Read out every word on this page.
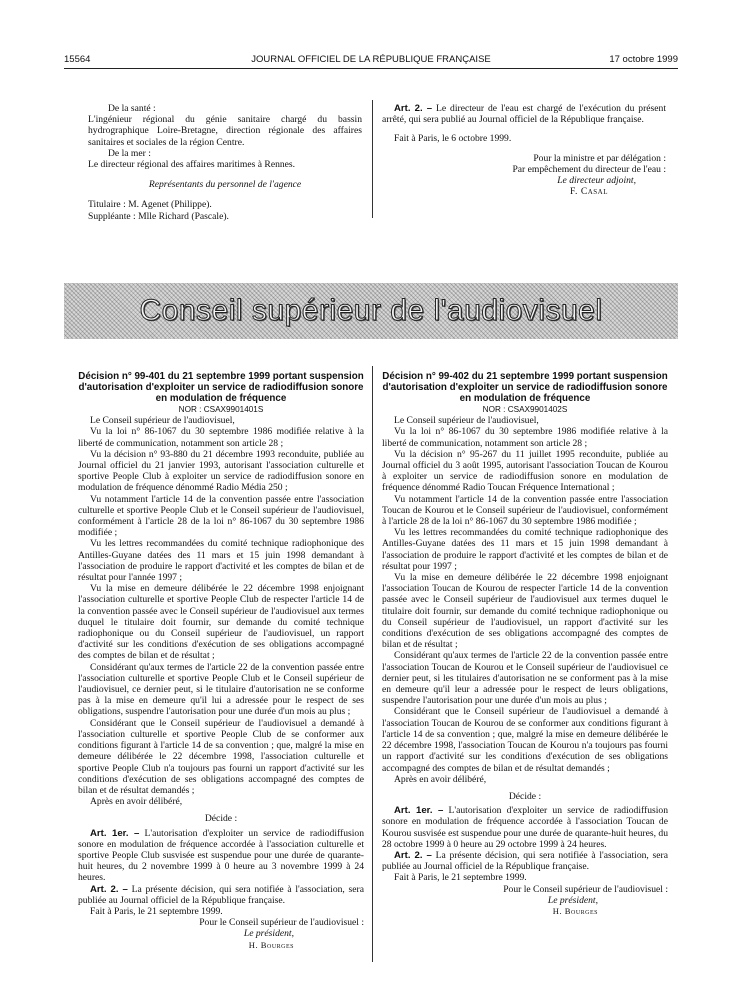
15564	JOURNAL OFFICIEL DE LA RÉPUBLIQUE FRANÇAISE	17 octobre 1999

De la santé :

L'ingénieur régional du génie sanitaire chargé du bassin hydrographique Loire-Bretagne, direction régionale des affaires sanitaires et sociales de la région Centre.

De la mer :

Le directeur régional des affaires maritimes à Rennes.

Représentants du personnel de l'agence

Titulaire : M. Agenet (Philippe).

Suppléante : Mlle Richard (Pascale).

Art. 2. – Le directeur de l'eau est chargé de l'exécution du présent arrêté, qui sera publié au Journal officiel de la République française.

Fait à Paris, le 6 octobre 1999.

Pour la ministre et par délégation :

Par empêchement du directeur de l'eau :

Le directeur adjoint,

F. Casal

Conseil supérieur de l'audiovisuel

Décision n° 99-401 du 21 septembre 1999 portant suspension d'autorisation d'exploiter un service de radiodiffusion sonore en modulation de fréquence

NOR : CSAX9901401S

Le Conseil supérieur de l'audiovisuel,

Vu la loi n° 86-1067 du 30 septembre 1986 modifiée relative à la liberté de communication, notamment son article 28 ;

Vu la décision n° 93-880 du 21 décembre 1993 reconduite, publiée au Journal officiel du 21 janvier 1993, autorisant l'association culturelle et sportive People Club à exploiter un service de radiodiffusion sonore en modulation de fréquence dénommé Radio Média 250 ;

Vu notamment l'article 14 de la convention passée entre l'association culturelle et sportive People Club et le Conseil supérieur de l'audiovisuel, conformément à l'article 28 de la loi n° 86-1067 du 30 septembre 1986 modifiée ;

Vu les lettres recommandées du comité technique radiophonique des Antilles-Guyane datées des 11 mars et 15 juin 1998 demandant à l'association de produire le rapport d'activité et les comptes de bilan et de résultat pour l'année 1997 ;

Vu la mise en demeure délibérée le 22 décembre 1998 enjoignant l'association culturelle et sportive People Club de respecter l'article 14 de la convention passée avec le Conseil supérieur de l'audiovisuel aux termes duquel le titulaire doit fournir, sur demande du comité technique radiophonique ou du Conseil supérieur de l'audiovisuel, un rapport d'activité sur les conditions d'exécution de ses obligations accompagné des comptes de bilan et de résultat ;

Considérant qu'aux termes de l'article 22 de la convention passée entre l'association culturelle et sportive People Club et le Conseil supérieur de l'audiovisuel, ce dernier peut, si le titulaire d'autorisation ne se conforme pas à la mise en demeure qu'il lui a adressée pour le respect de ses obligations, suspendre l'autorisation pour une durée d'un mois au plus ;

Considérant que le Conseil supérieur de l'audiovisuel a demandé à l'association culturelle et sportive People Club de se conformer aux conditions figurant à l'article 14 de sa convention ; que, malgré la mise en demeure délibérée le 22 décembre 1998, l'association culturelle et sportive People Club n'a toujours pas fourni un rapport d'activité sur les conditions d'exécution de ses obligations accompagné des comptes de bilan et de résultat demandés ;

Après en avoir délibéré,

Décide :

Art. 1er. – L'autorisation d'exploiter un service de radiodiffusion sonore en modulation de fréquence accordée à l'association culturelle et sportive People Club susvisée est suspendue pour une durée de quarante-huit heures, du 2 novembre 1999 à 0 heure au 3 novembre 1999 à 24 heures.

Art. 2. – La présente décision, qui sera notifiée à l'association, sera publiée au Journal officiel de la République française.

Fait à Paris, le 21 septembre 1999.

Pour le Conseil supérieur de l'audiovisuel :

Le président,

H. Bourges

Décision n° 99-402 du 21 septembre 1999 portant suspension d'autorisation d'exploiter un service de radiodiffusion sonore en modulation de fréquence

NOR : CSAX9901402S

Le Conseil supérieur de l'audiovisuel,

Vu la loi n° 86-1067 du 30 septembre 1986 modifiée relative à la liberté de communication, notamment son article 28 ;

Vu la décision n° 95-267 du 11 juillet 1995 reconduite, publiée au Journal officiel du 3 août 1995, autorisant l'association Toucan de Kourou à exploiter un service de radiodiffusion sonore en modulation de fréquence dénommé Radio Toucan Fréquence International ;

Vu notamment l'article 14 de la convention passée entre l'association Toucan de Kourou et le Conseil supérieur de l'audiovisuel, conformément à l'article 28 de la loi n° 86-1067 du 30 septembre 1986 modifiée ;

Vu les lettres recommandées du comité technique radiophonique des Antilles-Guyane datées des 11 mars et 15 juin 1998 demandant à l'association de produire le rapport d'activité et les comptes de bilan et de résultat pour 1997 ;

Vu la mise en demeure délibérée le 22 décembre 1998 enjoignant l'association Toucan de Kourou de respecter l'article 14 de la convention passée avec le Conseil supérieur de l'audiovisuel aux termes duquel le titulaire doit fournir, sur demande du comité technique radiophonique ou du Conseil supérieur de l'audiovisuel, un rapport d'activité sur les conditions d'exécution de ses obligations accompagné des comptes de bilan et de résultat ;

Considérant qu'aux termes de l'article 22 de la convention passée entre l'association Toucan de Kourou et le Conseil supérieur de l'audiovisuel ce dernier peut, si les titulaires d'autorisation ne se conforment pas à la mise en demeure qu'il leur a adressée pour le respect de leurs obligations, suspendre l'autorisation pour une durée d'un mois au plus ;

Considérant que le Conseil supérieur de l'audiovisuel a demandé à l'association Toucan de Kourou de se conformer aux conditions figurant à l'article 14 de sa convention ; que, malgré la mise en demeure délibérée le 22 décembre 1998, l'association Toucan de Kourou n'a toujours pas fourni un rapport d'activité sur les conditions d'exécution de ses obligations accompagné des comptes de bilan et de résultat demandés ;

Après en avoir délibéré,

Décide :

Art. 1er. – L'autorisation d'exploiter un service de radiodiffusion sonore en modulation de fréquence accordée à l'association Toucan de Kourou susvisée est suspendue pour une durée de quarante-huit heures, du 28 octobre 1999 à 0 heure au 29 octobre 1999 à 24 heures.

Art. 2. – La présente décision, qui sera notifiée à l'association, sera publiée au Journal officiel de la République française.

Fait à Paris, le 21 septembre 1999.

Pour le Conseil supérieur de l'audiovisuel :

Le président,

H. Bourges
